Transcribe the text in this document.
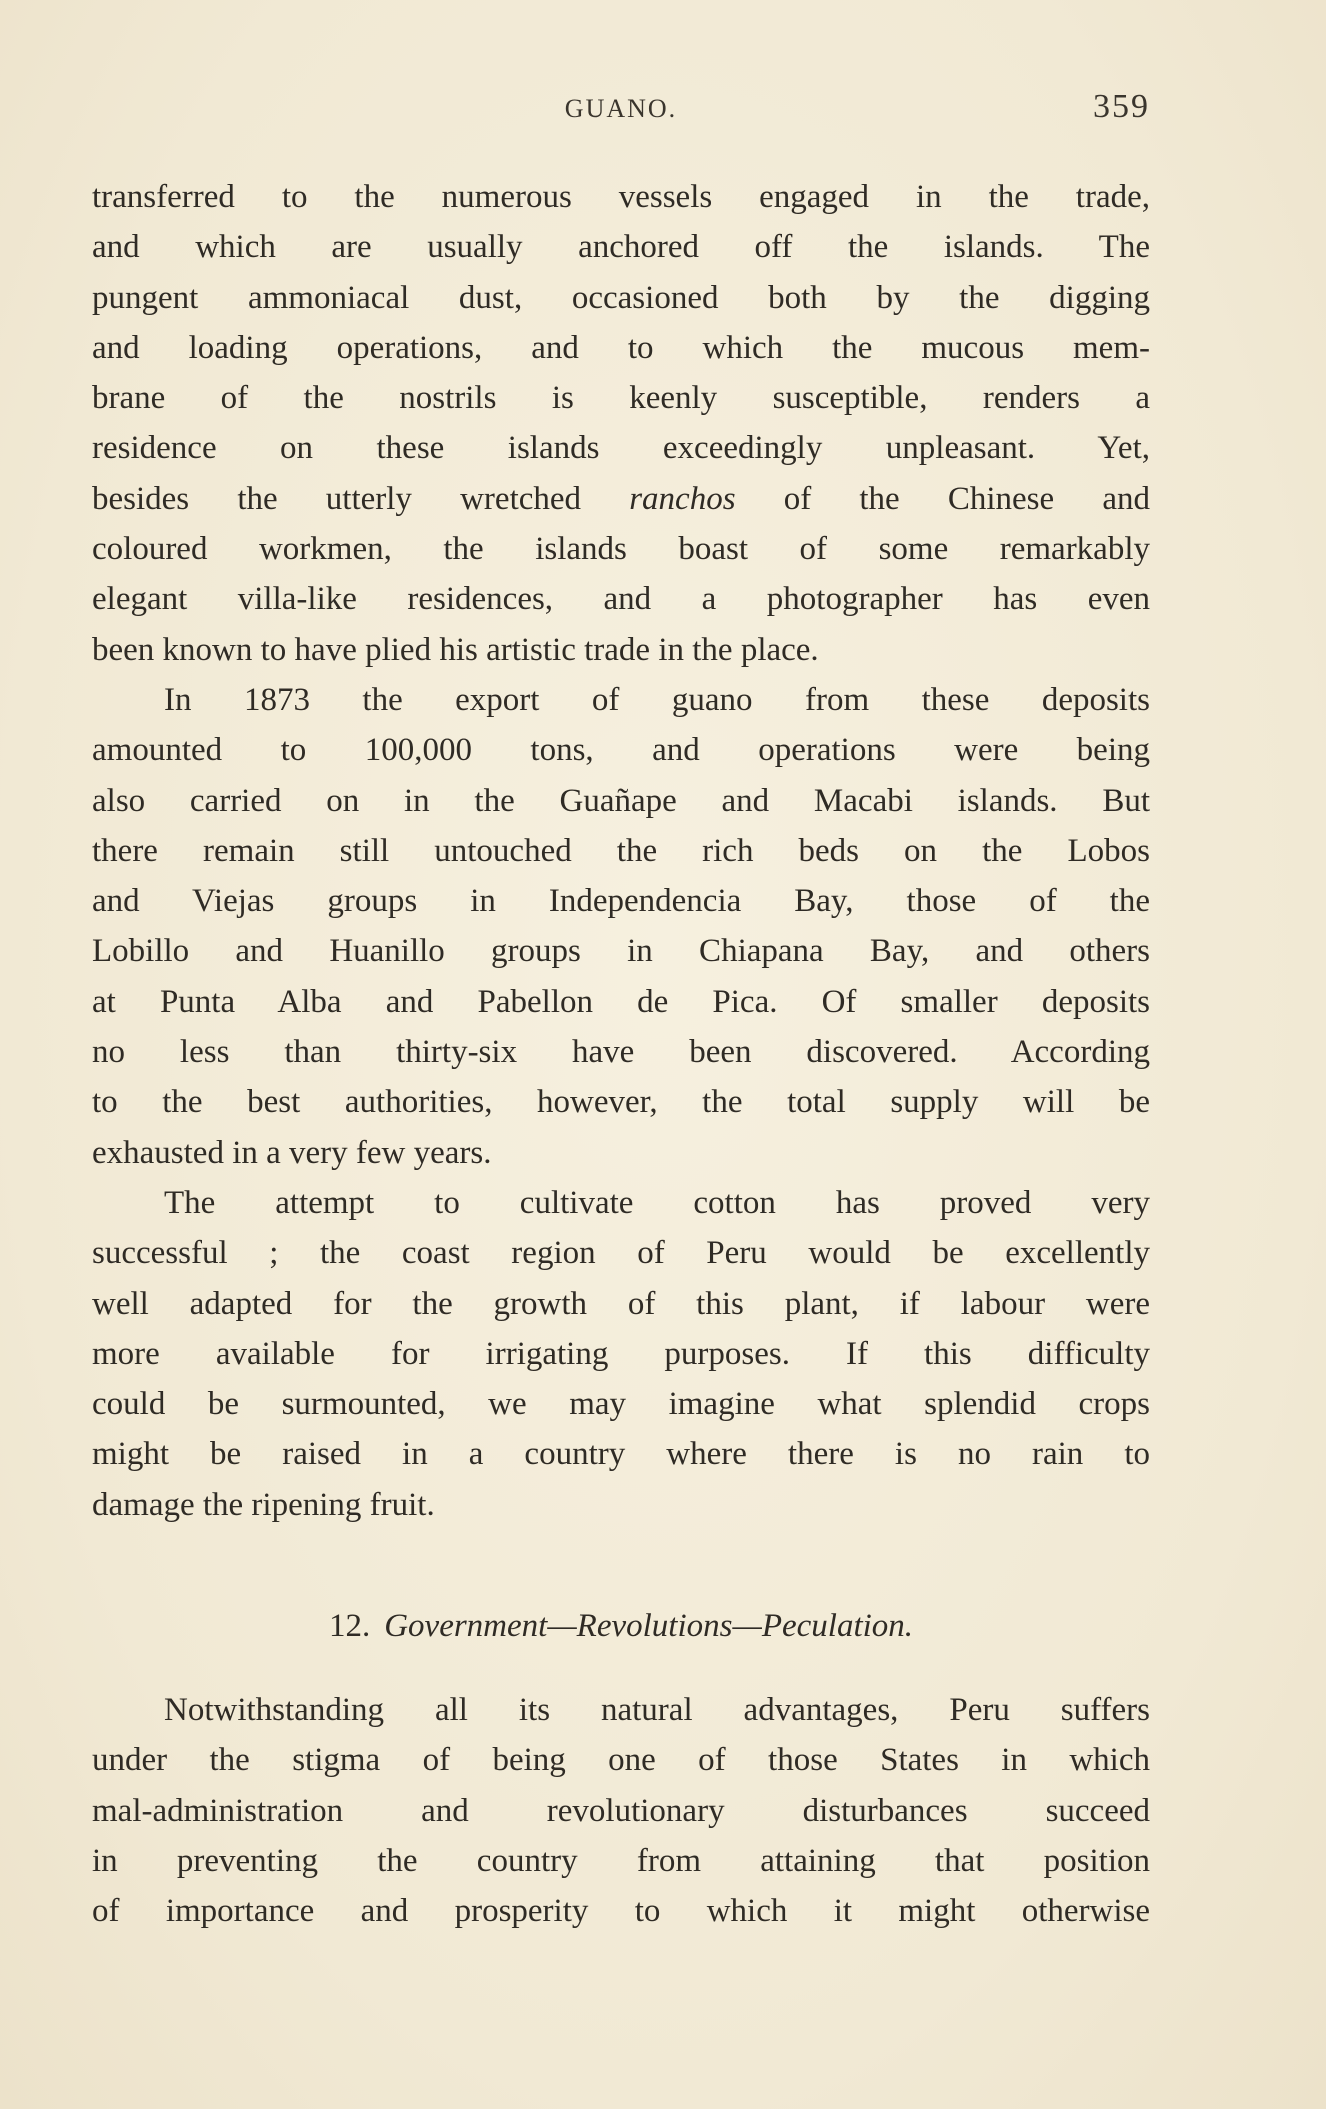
GUANO.	359

transferred to the numerous vessels engaged in the trade,
and which are usually anchored off the islands. The
pungent ammoniacal dust, occasioned both by the digging
and loading operations, and to which the mucous mem-
brane of the nostrils is keenly susceptible, renders a
residence on these islands exceedingly unpleasant. Yet,
besides the utterly wretched ranchos of the Chinese and
coloured workmen, the islands boast of some remarkably
elegant villa-like residences, and a photographer has even
been known to have plied his artistic trade in the place.

In 1873 the export of guano from these deposits
amounted to 100,000 tons, and operations were being
also carried on in the Guañape and Macabi islands. But
there remain still untouched the rich beds on the Lobos
and Viejas groups in Independencia Bay, those of the
Lobillo and Huanillo groups in Chiapana Bay, and others
at Punta Alba and Pabellon de Pica. Of smaller deposits
no less than thirty-six have been discovered. According
to the best authorities, however, the total supply will be
exhausted in a very few years.

The attempt to cultivate cotton has proved very
successful ; the coast region of Peru would be excellently
well adapted for the growth of this plant, if labour were
more available for irrigating purposes. If this difficulty
could be surmounted, we may imagine what splendid crops
might be raised in a country where there is no rain to
damage the ripening fruit.

12. Government—Revolutions—Peculation.

Notwithstanding all its natural advantages, Peru suffers
under the stigma of being one of those States in which
mal-administration and revolutionary disturbances succeed
in preventing the country from attaining that position
of importance and prosperity to which it might otherwise
